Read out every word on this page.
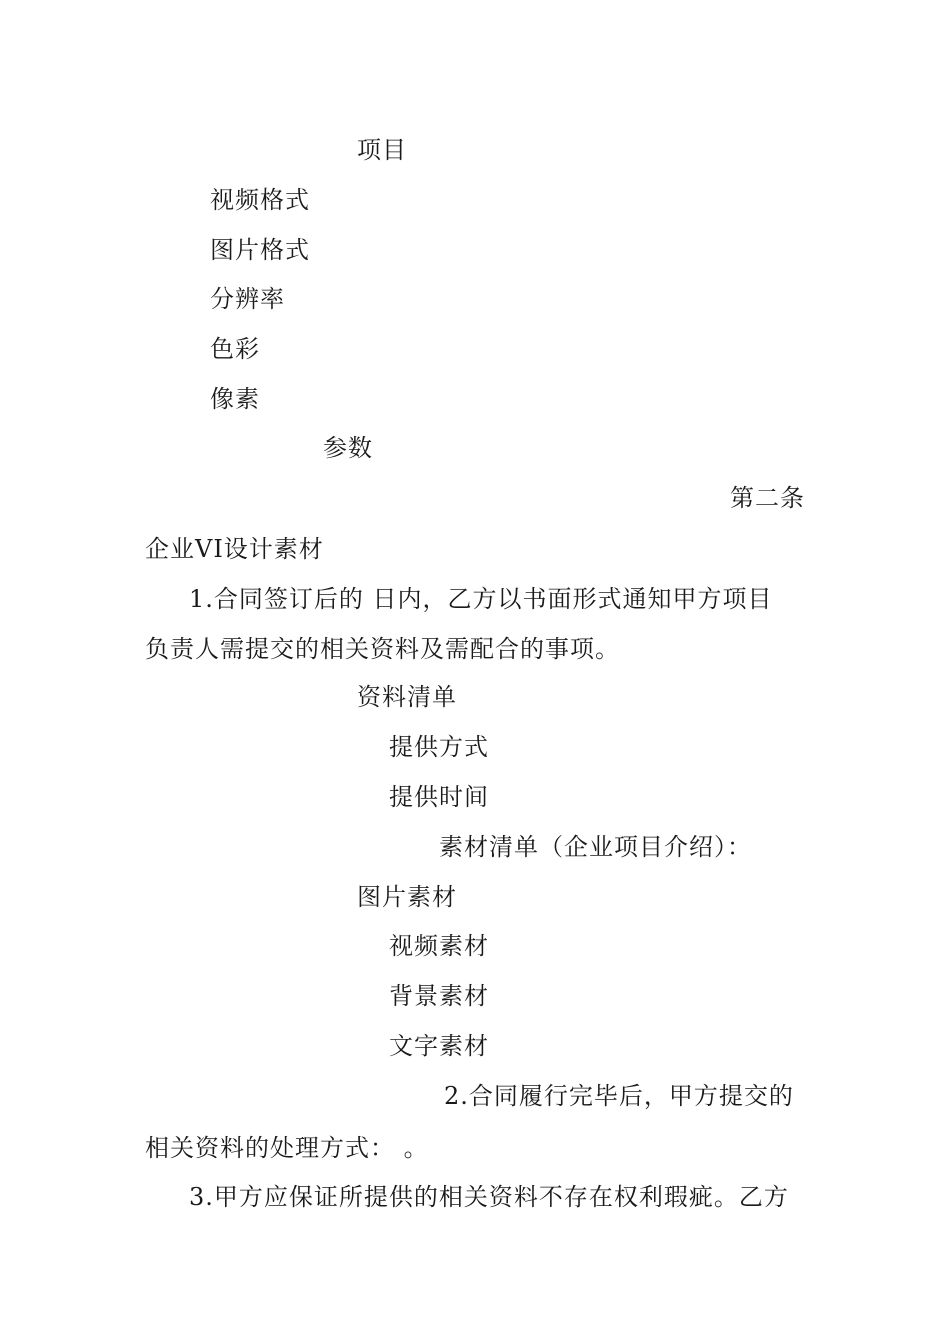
项目
视频格式
图片格式
分辨率
色彩
像素
参数
第二条
企业VI设计素材
1.合同签订后的 日内，乙方以书面形式通知甲方项目
负责人需提交的相关资料及需配合的事项。
资料清单
提供方式
提供时间
素材清单（企业项目介绍）：
图片素材
视频素材
背景素材
文字素材
2.合同履行完毕后，甲方提交的
相关资料的处理方式： 。
3.甲方应保证所提供的相关资料不存在权利瑕疵。乙方
